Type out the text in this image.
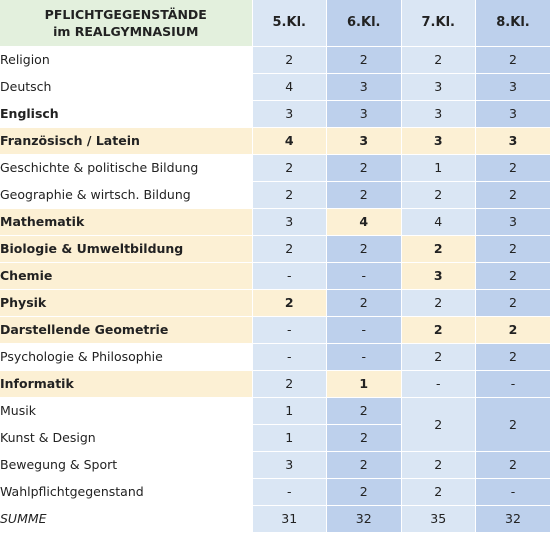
PFLICHTGEGENSTÄNDE
im REALGYMNASIUM	5.Kl.	6.Kl.	7.Kl.	8.Kl.
Religion	2	2	2	2
Deutsch	4	3	3	3
Englisch	3	3	3	3
Französisch / Latein	4	3	3	3
Geschichte & politische Bildung	2	2	1	2
Geographie & wirtsch. Bildung	2	2	2	2
Mathematik	3	4	4	3
Biologie & Umweltbildung	2	2	2	2
Chemie	-	-	3	2
Physik	2	2	2	2
Darstellende Geometrie	-	-	2	2
Psychologie & Philosophie	-	-	2	2
Informatik	2	1	-	-
Musik	1	2	2	2
Kunst & Design	1	2		
Bewegung & Sport	3	2	2	2
Wahlpflichtgegenstand	-	2	2	-
SUMME	31	32	35	32
